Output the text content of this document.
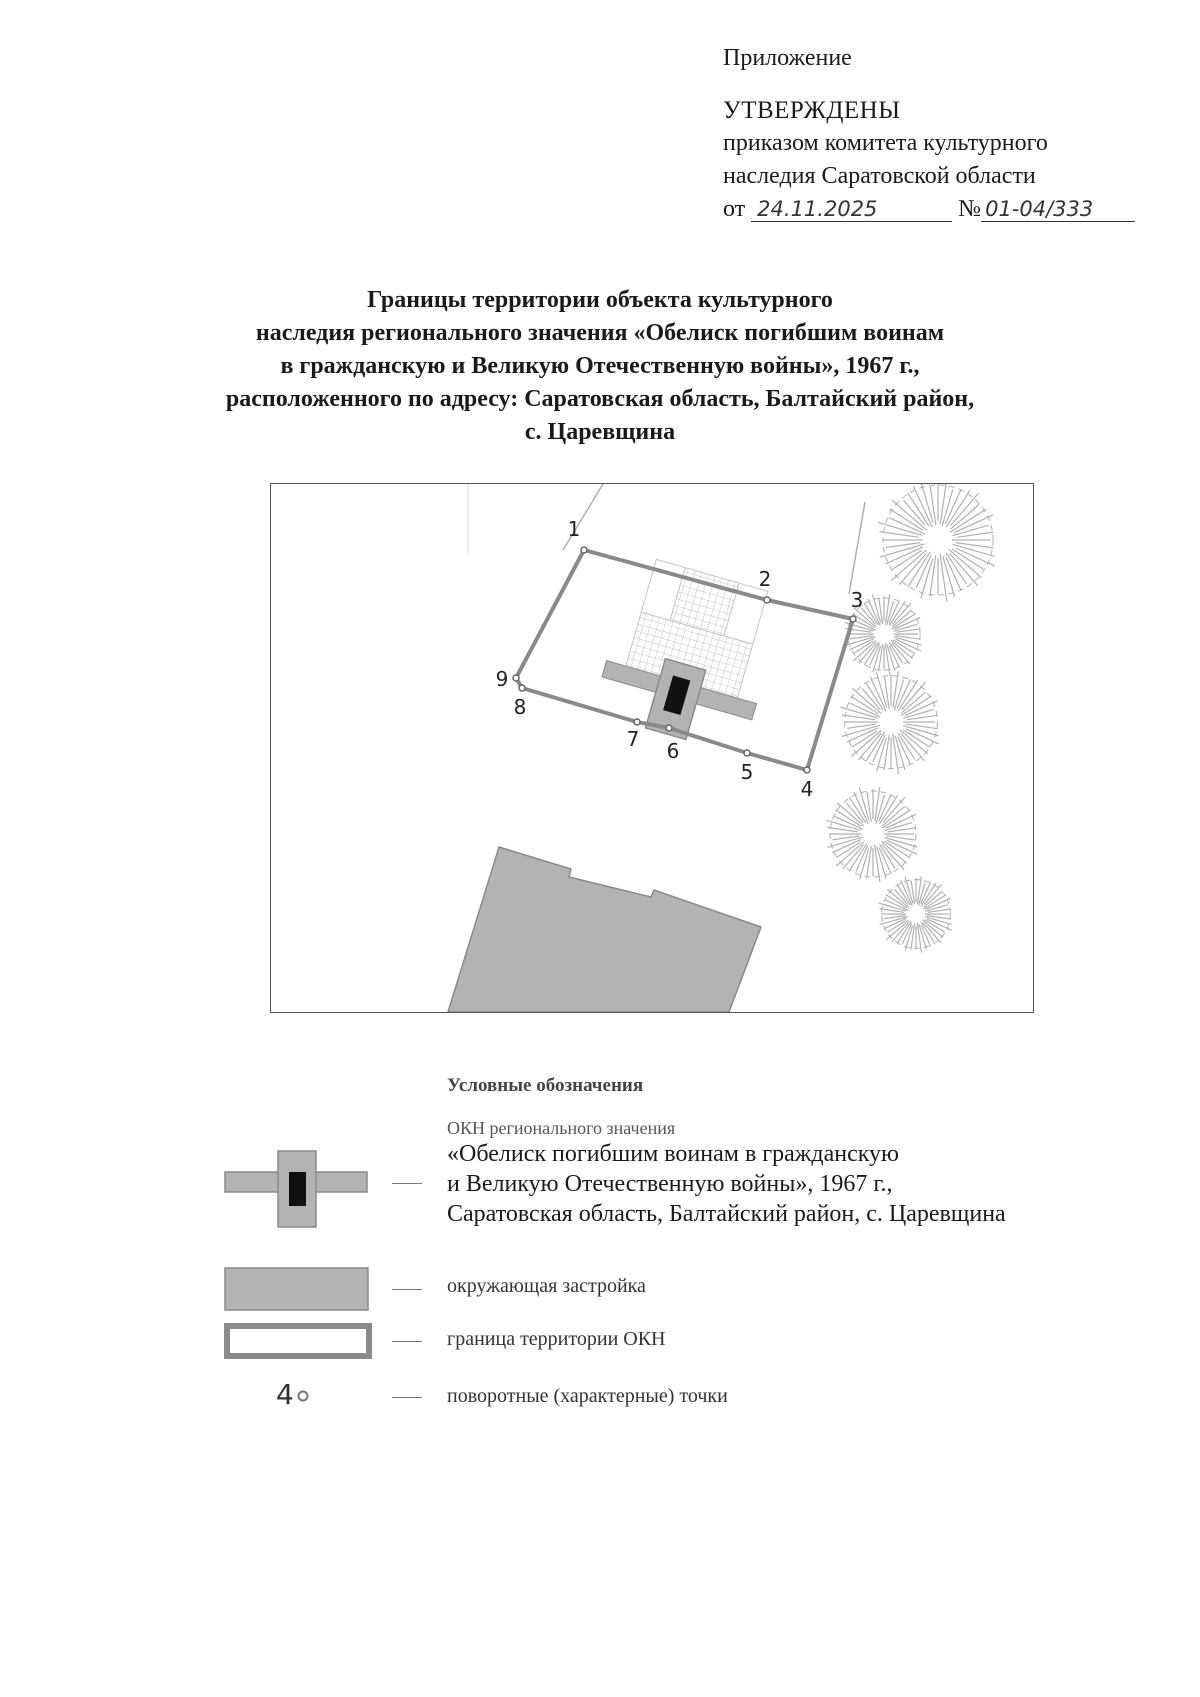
Приложение
УТВЕРЖДЕНЫ
приказом комитета культурного
наследия Саратовской области
от 24.11.2025	№ 01-04/333
Границы территории объекта культурного
наследия регионального значения «Обелиск погибшим воинам
в гражданскую и Великую Отечественную войны», 1967 г.,
расположенного по адресу: Саратовская область, Балтайский район,
с. Царевщина
1
2
3
4
5
6
7
8
9
Условные обозначения
ОКН регионального значения
«Обелиск погибшим воинам в гражданскую
и Великую Отечественную войны», 1967 г.,
Саратовская область, Балтайский район, с. Царевщина
окружающая застройка
граница территории ОКН
4	поворотные (характерные) точки
